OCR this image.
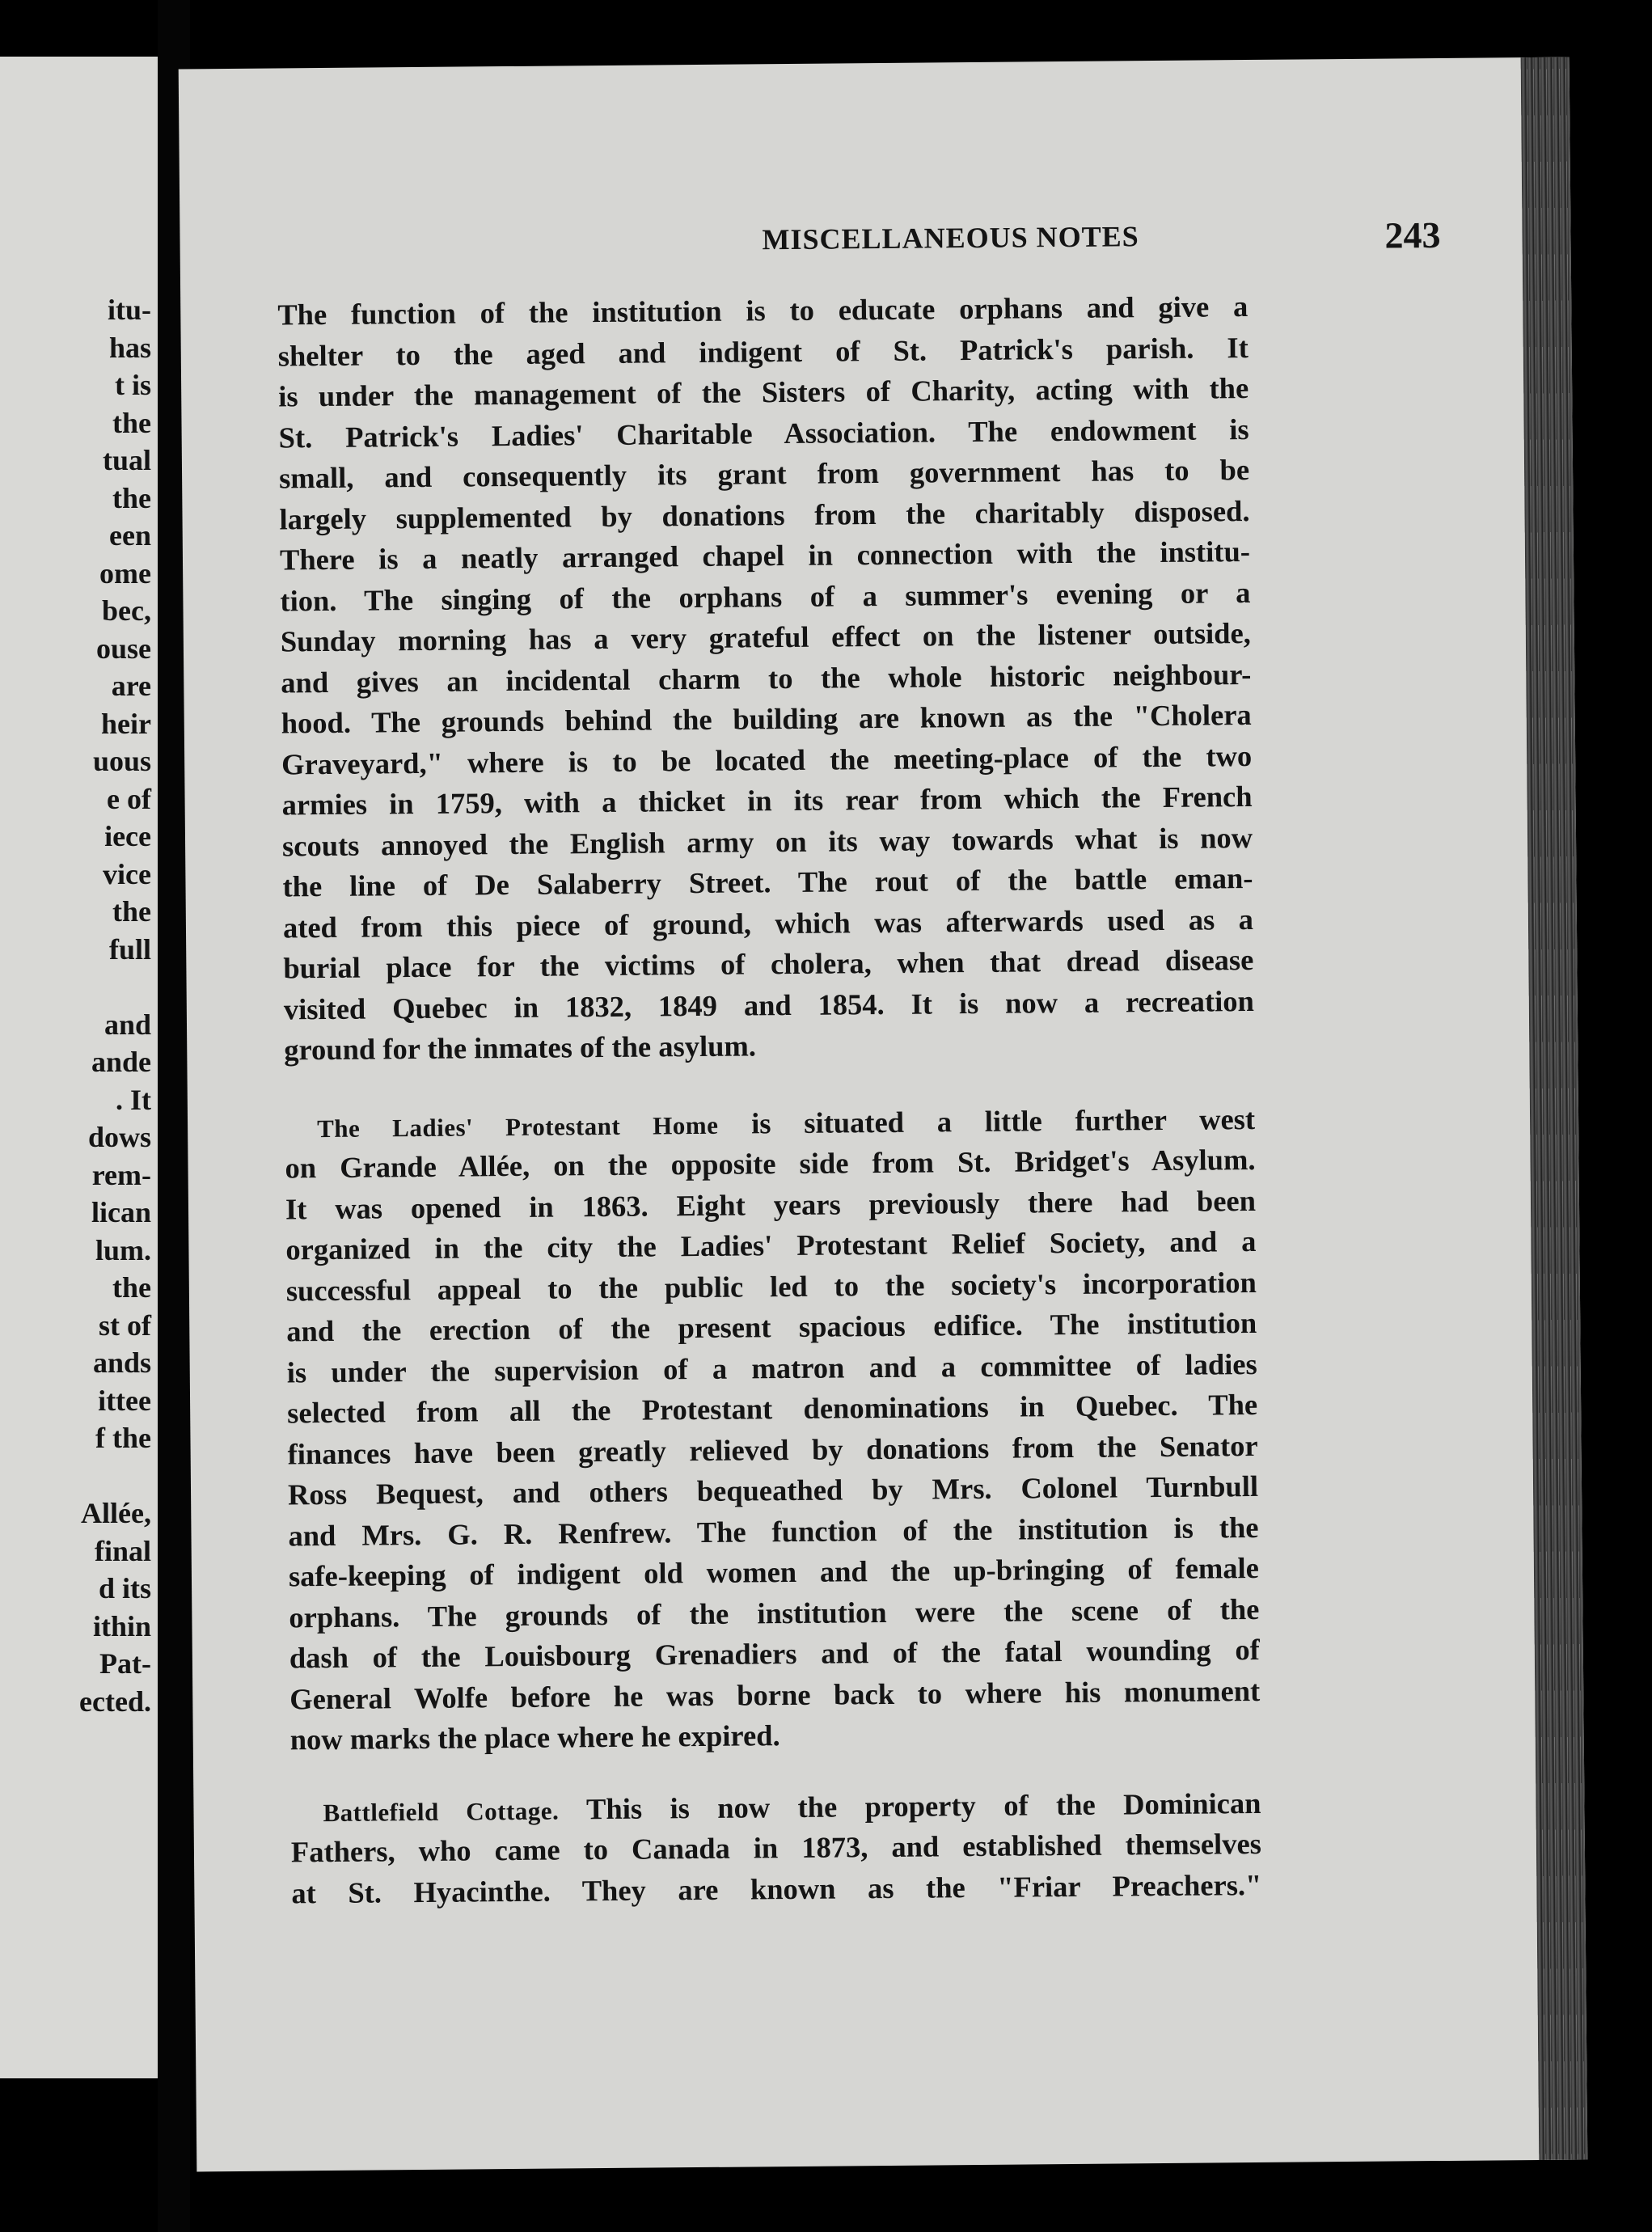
itu-
has
t is
the
tual
the
een
ome
bec,
ouse
are
heir
uous
e of
iece
vice
the
full
and
ande
. It
dows
rem-
lican
lum.
the
st of
ands
ittee
f the
Allée,
final
d its
ithin
Pat-
ected.
MISCELLANEOUS NOTES	243
The function of the institution is to educate orphans and give a
shelter to the aged and indigent of St. Patrick's parish. It
is under the management of the Sisters of Charity, acting with the
St. Patrick's Ladies' Charitable Association. The endowment is
small, and consequently its grant from government has to be
largely supplemented by donations from the charitably disposed.
There is a neatly arranged chapel in connection with the institu-
tion. The singing of the orphans of a summer's evening or a
Sunday morning has a very grateful effect on the listener outside,
and gives an incidental charm to the whole historic neighbour-
hood. The grounds behind the building are known as the "Cholera
Graveyard," where is to be located the meeting-place of the two
armies in 1759, with a thicket in its rear from which the French
scouts annoyed the English army on its way towards what is now
the line of De Salaberry Street. The rout of the battle eman-
ated from this piece of ground, which was afterwards used as a
burial place for the victims of cholera, when that dread disease
visited Quebec in 1832, 1849 and 1854. It is now a recreation
ground for the inmates of the asylum.
The Ladies' Protestant Home is situated a little further west
on Grande Allée, on the opposite side from St. Bridget's Asylum.
It was opened in 1863. Eight years previously there had been
organized in the city the Ladies' Protestant Relief Society, and a
successful appeal to the public led to the society's incorporation
and the erection of the present spacious edifice. The institution
is under the supervision of a matron and a committee of ladies
selected from all the Protestant denominations in Quebec. The
finances have been greatly relieved by donations from the Senator
Ross Bequest, and others bequeathed by Mrs. Colonel Turnbull
and Mrs. G. R. Renfrew. The function of the institution is the
safe-keeping of indigent old women and the up-bringing of female
orphans. The grounds of the institution were the scene of the
dash of the Louisbourg Grenadiers and of the fatal wounding of
General Wolfe before he was borne back to where his monument
now marks the place where he expired.
Battlefield Cottage. This is now the property of the Dominican
Fathers, who came to Canada in 1873, and established themselves
at St. Hyacinthe. They are known as the "Friar Preachers."
